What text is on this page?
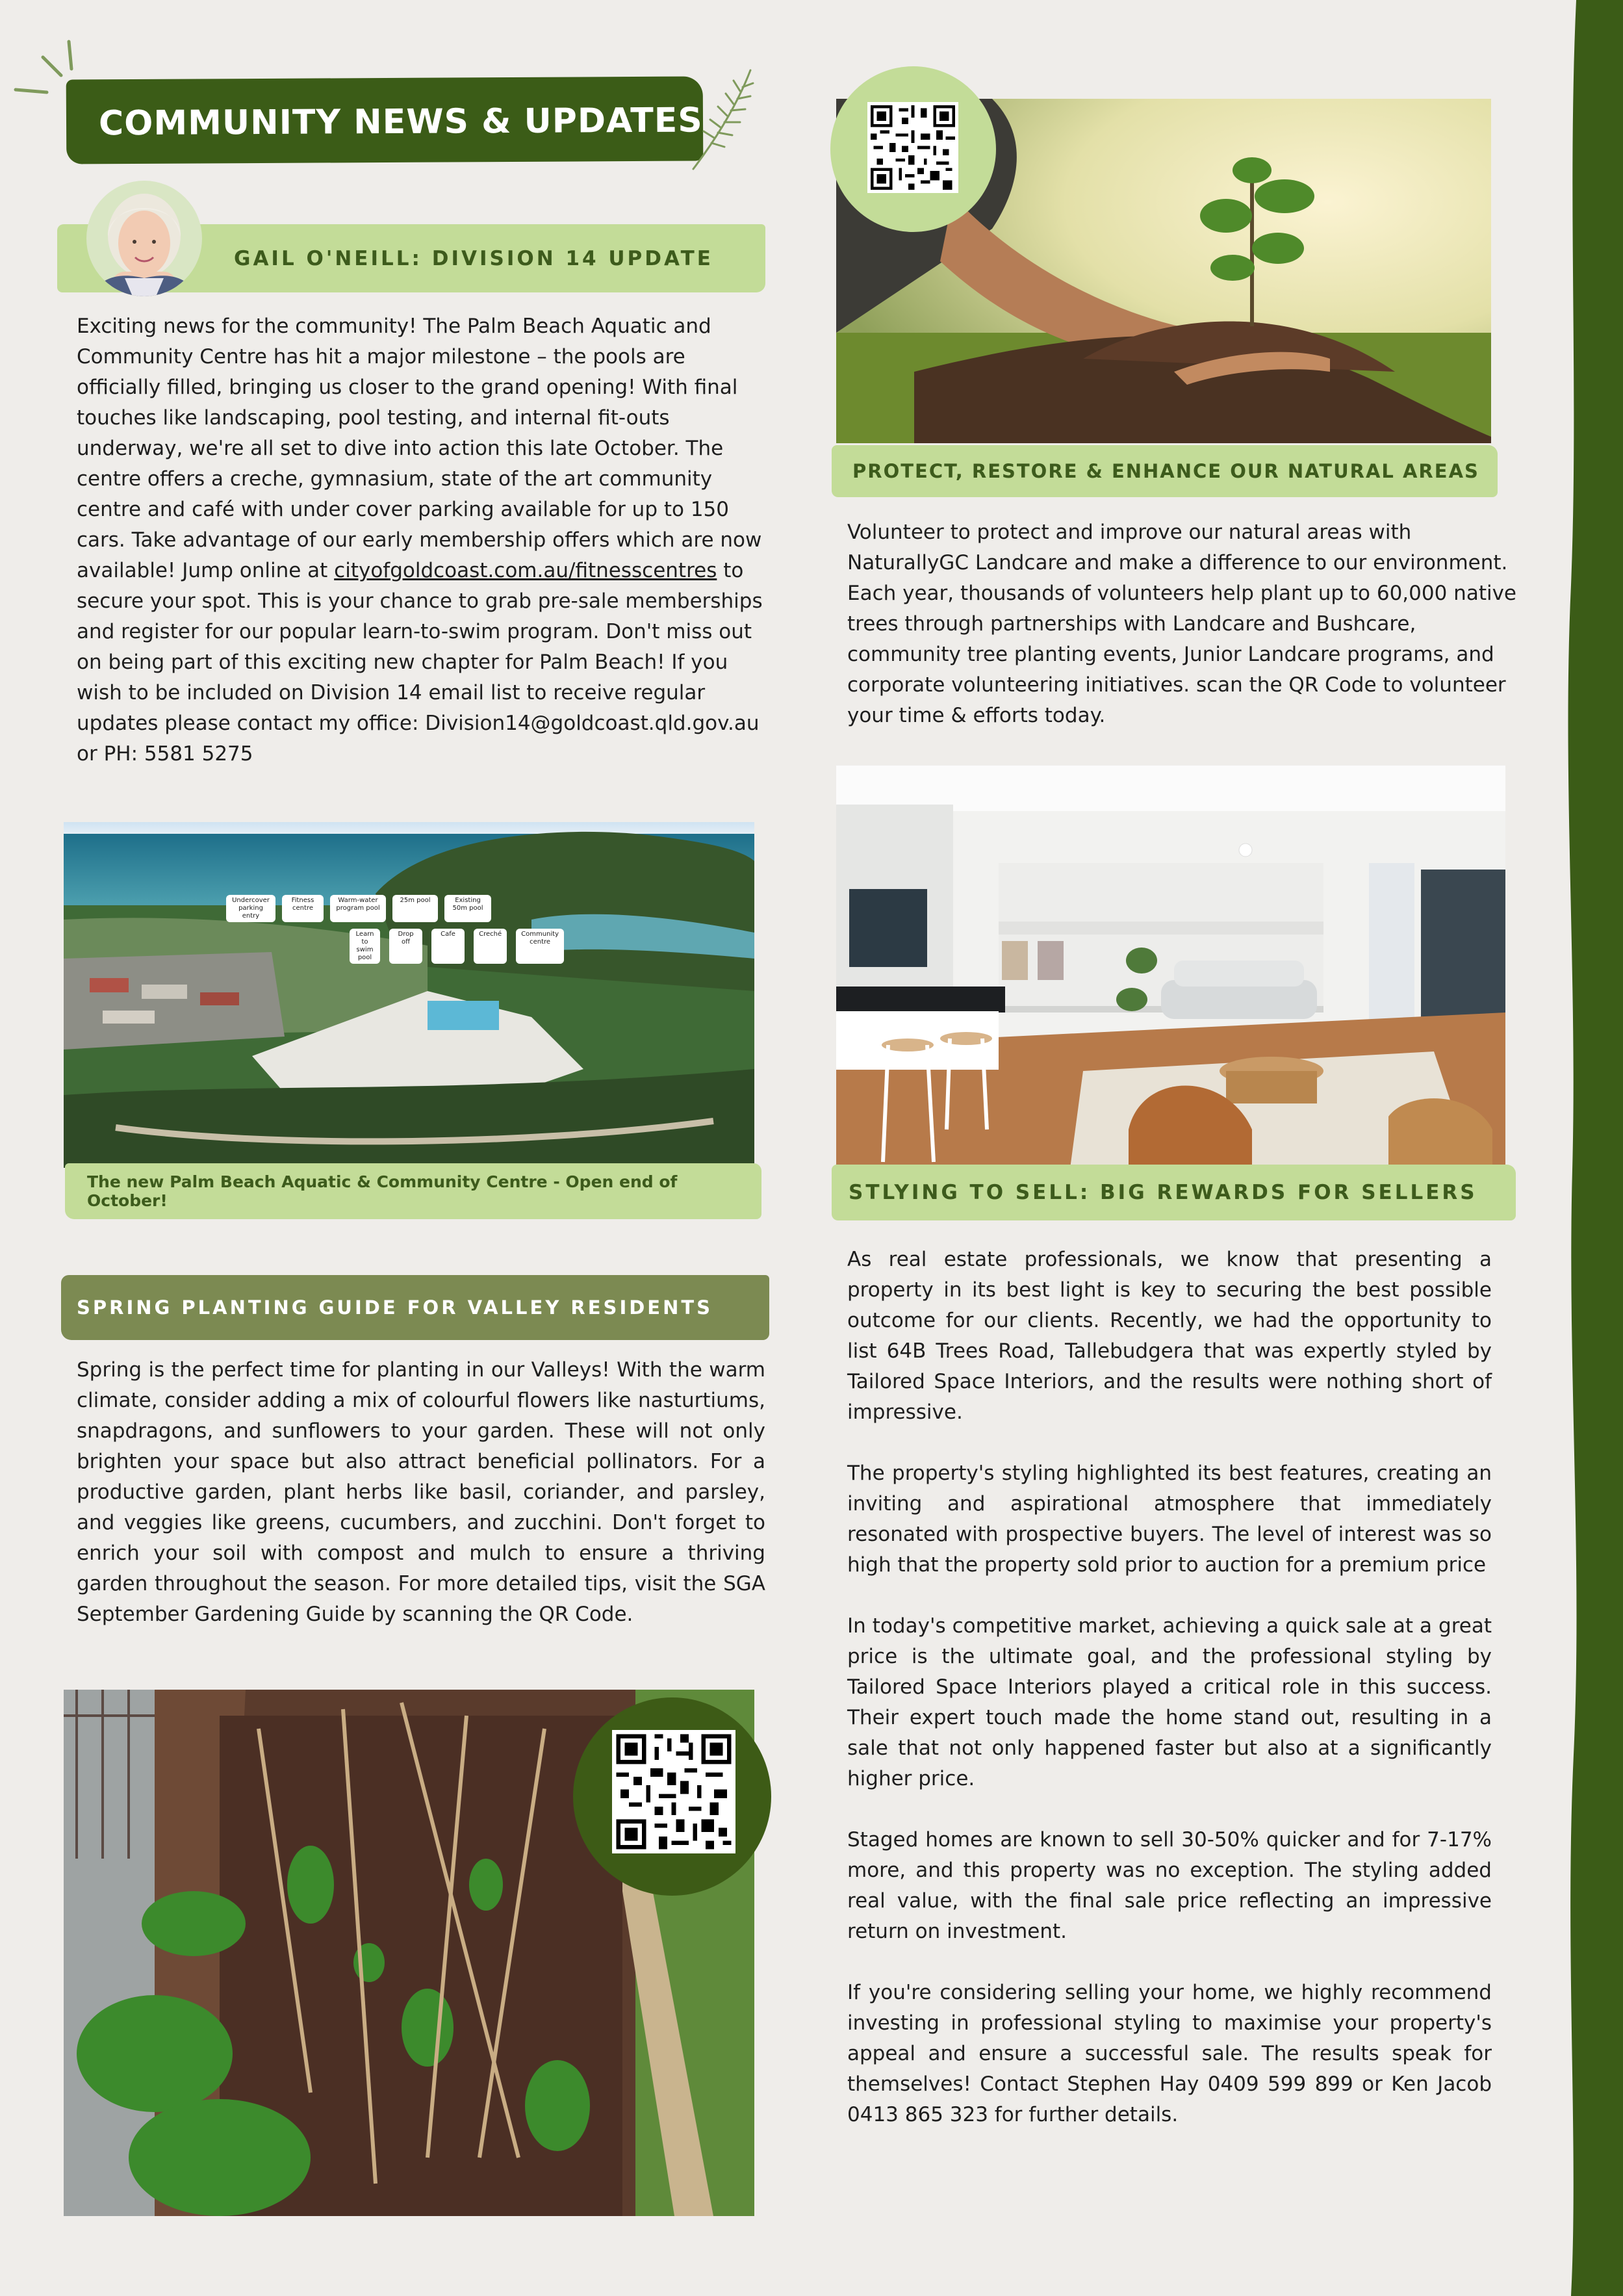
COMMUNITY NEWS & UPDATES
GAIL O'NEILL: DIVISION 14 UPDATE

Exciting news for the community! The Palm Beach Aquatic and Community Centre has hit a major milestone – the pools are officially filled, bringing us closer to the grand opening! With final touches like landscaping, pool testing, and internal fit-outs underway, we're all set to dive into action this late October. The centre offers a creche, gymnasium, state of the art community centre and café with under cover parking available for up to 150 cars. Take advantage of our early membership offers which are now available! Jump online at cityofgoldcoast.com.au/fitnesscentres to secure your spot. This is your chance to grab pre-sale memberships and register for our popular learn-to-swim program. Don't miss out on being part of this exciting new chapter for Palm Beach! If you wish to be included on Division 14 email list to receive regular updates please contact my office: Division14@goldcoast.qld.gov.au or PH: 5581 5275

Undercover parking entry
Fitness centre
Warm-water program pool
25m pool	Existing 50m pool
Learn to swim pool
Drop off
Cafe	Creché	Community centre
The new Palm Beach Aquatic & Community Centre - Open end of October!
SPRING PLANTING GUIDE FOR VALLEY RESIDENTS

Spring is the perfect time for planting in our Valleys! With the warm climate, consider adding a mix of colourful flowers like nasturtiums, snapdragons, and sunflowers to your garden. These will not only brighten your space but also attract beneficial pollinators. For a productive garden, plant herbs like basil, coriander, and parsley, and veggies like greens, cucumbers, and zucchini. Don't forget to enrich your soil with compost and mulch to ensure a thriving garden throughout the season. For more detailed tips, visit the SGA September Gardening Guide by scanning the QR Code.

PROTECT, RESTORE & ENHANCE OUR NATURAL AREAS

Volunteer to protect and improve our natural areas with NaturallyGC Landcare and make a difference to our environment. Each year, thousands of volunteers help plant up to 60,000 native trees through partnerships with Landcare and Bushcare, community tree planting events, Junior Landcare programs, and corporate volunteering initiatives. scan the QR Code to volunteer your time & efforts today.

STLYING TO SELL: BIG REWARDS FOR SELLERS

As real estate professionals, we know that presenting a property in its best light is key to securing the best possible outcome for our clients. Recently, we had the opportunity to list 64B Trees Road, Tallebudgera that was expertly styled by Tailored Space Interiors, and the results were nothing short of impressive.

The property's styling highlighted its best features, creating an inviting and aspirational atmosphere that immediately resonated with prospective buyers. The level of interest was so high that the property sold prior to auction for a premium price

In today's competitive market, achieving a quick sale at a great price is the ultimate goal, and the professional styling by Tailored Space Interiors played a critical role in this success. Their expert touch made the home stand out, resulting in a sale that not only happened faster but also at a significantly higher price.

Staged homes are known to sell 30-50% quicker and for 7-17% more, and this property was no exception. The styling added real value, with the final sale price reflecting an impressive return on investment.

If you're considering selling your home, we highly recommend investing in professional styling to maximise your property's appeal and ensure a successful sale. The results speak for themselves! Contact Stephen Hay 0409 599 899 or Ken Jacob 0413 865 323 for further details.
